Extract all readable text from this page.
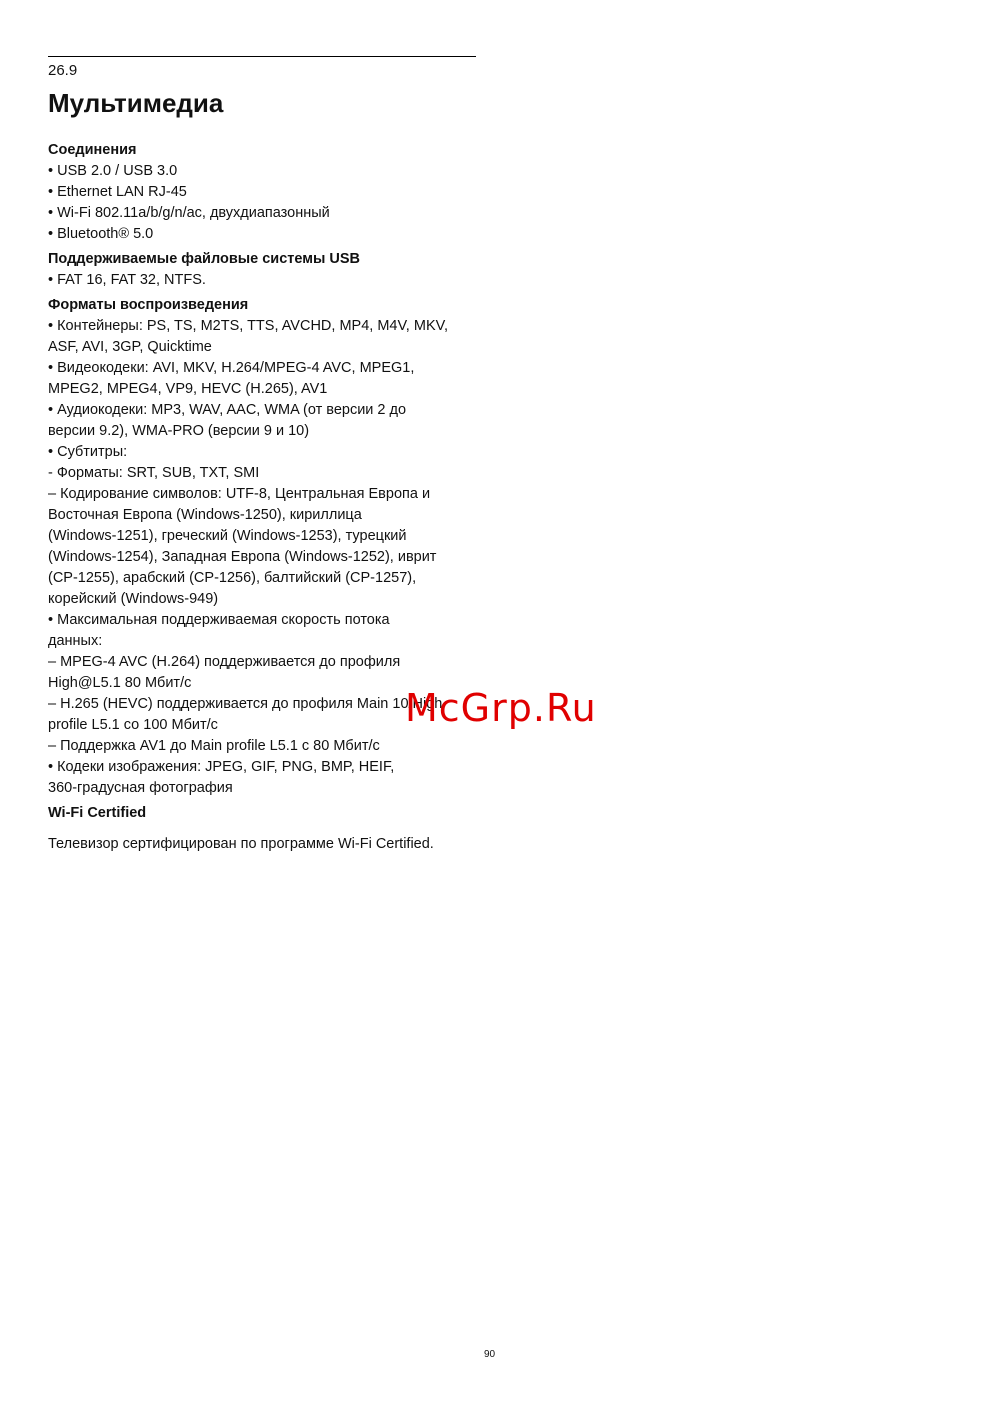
26.9
Мультимедиа
Соединения
• USB 2.0 / USB 3.0
• Ethernet LAN RJ-45
• Wi-Fi 802.11a/b/g/n/ac, двухдиапазонный
• Bluetooth® 5.0
Поддерживаемые файловые системы USB
• FAT 16, FAT 32, NTFS.
Форматы воспроизведения
• Контейнеры: PS, TS, M2TS, TTS, AVCHD, MP4, M4V, MKV,
ASF, AVI, 3GP, Quicktime
• Видеокодеки: AVI, MKV, H.264/MPEG-4 AVC, MPEG1,
MPEG2, MPEG4, VP9, HEVC (H.265), AV1
• Аудиокодеки: MP3, WAV, AAC, WMA (от версии 2 до
версии 9.2), WMA-PRO (версии 9 и 10)
• Субтитры:
- Форматы: SRT, SUB, TXT, SMI
– Кодирование символов: UTF-8, Центральная Европа и
Восточная Европа (Windows-1250), кириллица
(Windows-1251), греческий (Windows-1253), турецкий
(Windows-1254), Западная Европа (Windows-1252), иврит
(CP-1255), арабский (CP-1256), балтийский (CP-1257),
корейский (Windows-949)
• Максимальная поддерживаемая скорость потока
данных:
– MPEG-4 AVC (H.264) поддерживается до профиля
High@L5.1 80 Мбит/с
– H.265 (HEVC) поддерживается до профиля Main 10/High
profile L5.1 со 100 Мбит/с
– Поддержка AV1 до Main profile L5.1 с 80 Мбит/с
• Кодеки изображения: JPEG, GIF, PNG, BMP, HEIF,
360-градусная фотография
Wi-Fi Certified
Телевизор сертифицирован по программе Wi-Fi Certified.
McGrp.Ru
90
